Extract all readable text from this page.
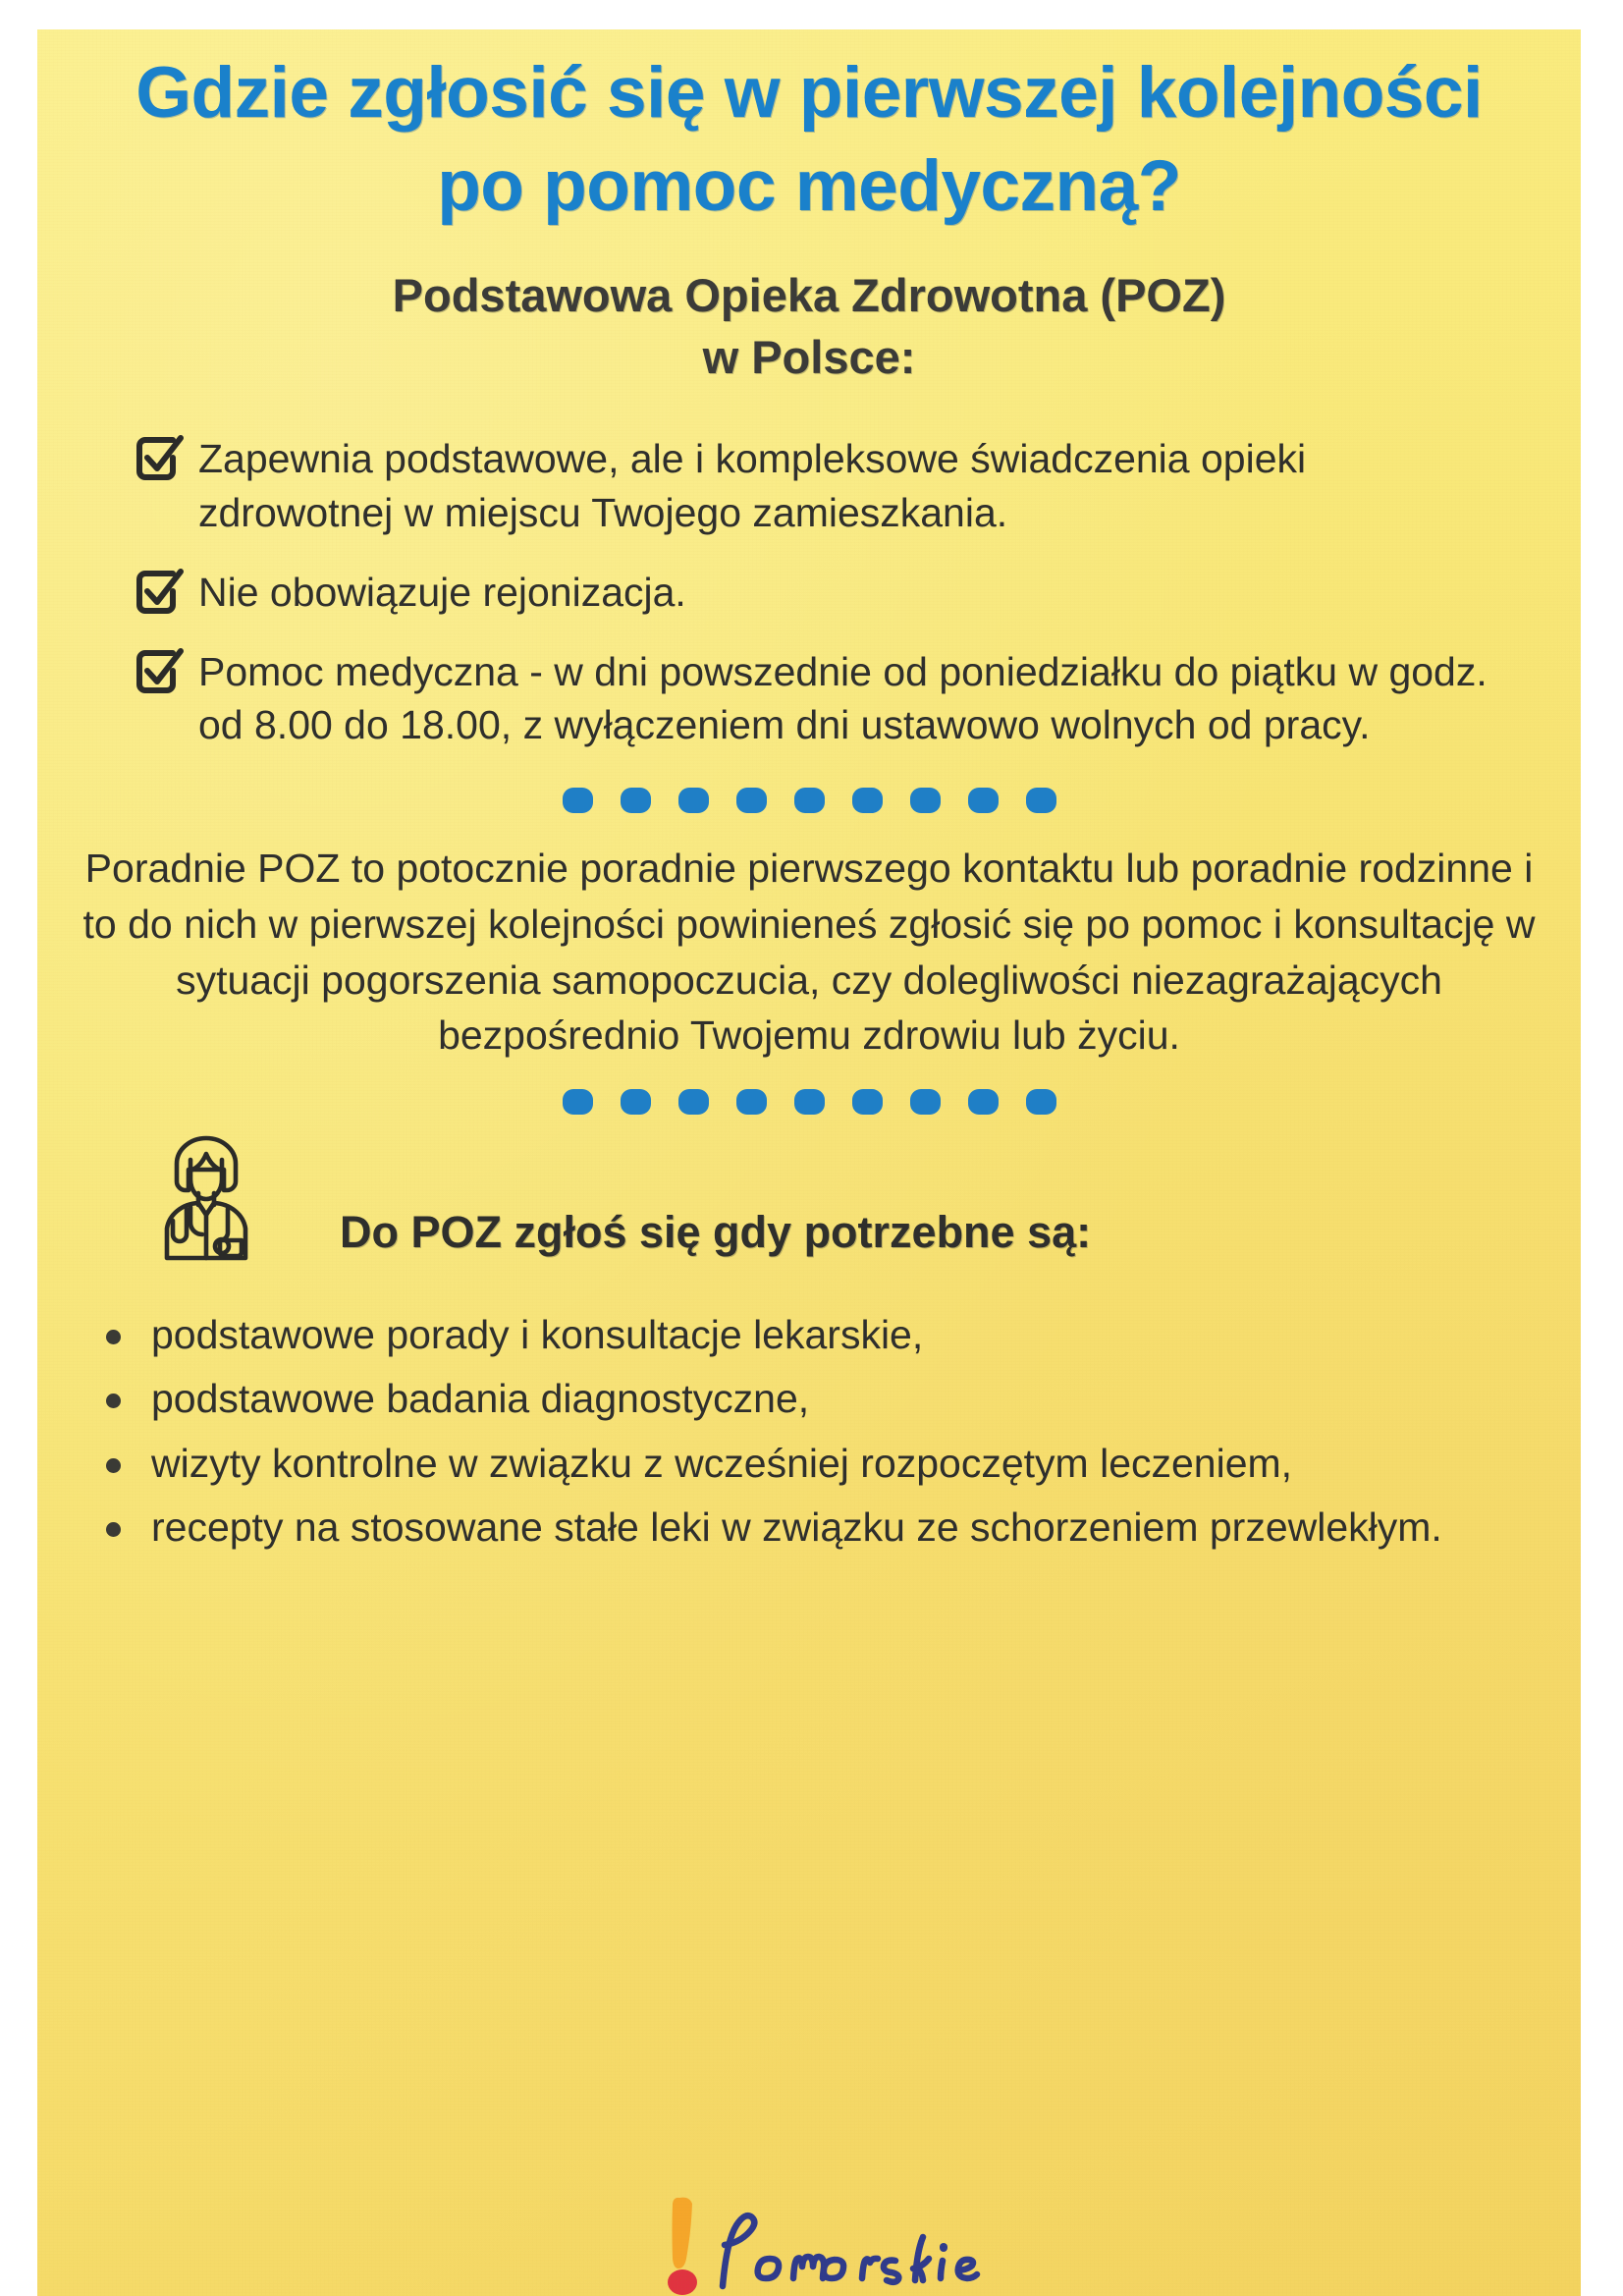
Gdzie zgłosić się w pierwszej kolejności po pomoc medyczną?
Podstawowa Opieka Zdrowotna (POZ)
w Polsce:
Zapewnia podstawowe, ale i kompleksowe świadczenia opieki zdrowotnej w miejscu Twojego zamieszkania.
Nie obowiązuje rejonizacja.
Pomoc medyczna - w dni powszednie od poniedziałku do piątku w godz. od 8.00 do 18.00, z wyłączeniem dni ustawowo wolnych od pracy.

Poradnie POZ to potocznie poradnie pierwszego kontaktu lub poradnie rodzinne i to do nich w pierwszej kolejności powinieneś zgłosić się po pomoc i konsultację w sytuacji pogorszenia samopoczucia, czy dolegliwości niezagrażających bezpośrednio Twojemu zdrowiu lub życiu.

Do POZ zgłoś się gdy potrzebne są:
podstawowe porady i konsultacje lekarskie,
podstawowe badania diagnostyczne,
wizyty kontrolne w związku z wcześniej rozpoczętym leczeniem,
recepty na stosowane stałe leki w związku ze schorzeniem przewlekłym.
